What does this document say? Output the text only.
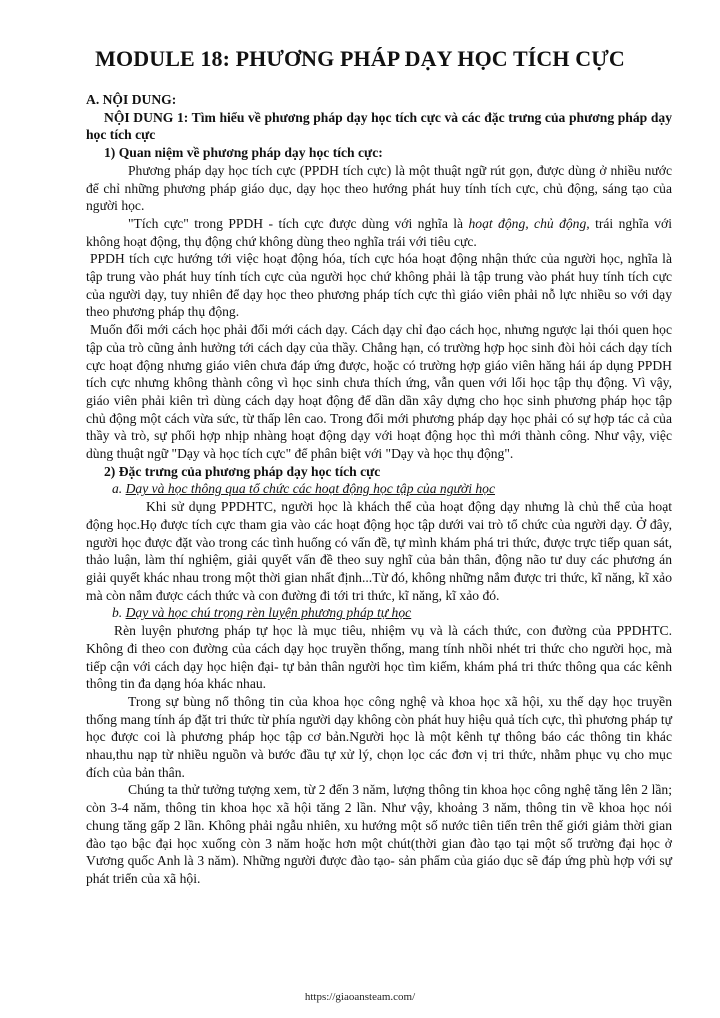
MODULE 18: PHƯƠNG PHÁP DẠY HỌC TÍCH CỰC

A. NỘI DUNG:

NỘI DUNG 1: Tìm hiểu về phương pháp dạy học tích cực và các đặc trưng của phương pháp dạy học tích cực

1) Quan niệm về phương pháp dạy học tích cực:

Phương pháp dạy học tích cực (PPDH tích cực) là một thuật ngữ rút gọn, được dùng ở nhiều nước để chỉ những phương pháp giáo dục, dạy học theo hướng phát huy tính tích cực, chủ động, sáng tạo của người học.

"Tích cực" trong PPDH - tích cực được dùng với nghĩa là hoạt động, chủ động, trái nghĩa với không hoạt động, thụ động chứ không dùng theo nghĩa trái với tiêu cực.

PPDH tích cực hướng tới việc hoạt động hóa, tích cực hóa hoạt động nhận thức của người học, nghĩa là tập trung vào phát huy tính tích cực của người học chứ không phải là tập trung vào phát huy tính tích cực của người dạy, tuy nhiên để dạy học theo phương pháp tích cực thì giáo viên phải nỗ lực nhiều so với dạy theo phương pháp thụ động.

Muốn đổi mới cách học phải đổi mới cách dạy. Cách dạy chỉ đạo cách học, nhưng ngược lại thói quen học tập của trò cũng ảnh hưởng tới cách dạy của thầy. Chẳng hạn, có trường hợp học sinh đòi hỏi cách dạy tích cực hoạt động nhưng giáo viên chưa đáp ứng được, hoặc có trường hợp giáo viên hăng hái áp dụng PPDH tích cực nhưng không thành công vì học sinh chưa thích ứng, vẫn quen với lối học tập thụ động. Vì vậy, giáo viên phải kiên trì dùng cách dạy hoạt động để dần dần xây dựng cho học sinh phương pháp học tập chủ động một cách vừa sức, từ thấp lên cao. Trong đổi mới phương pháp dạy học phải có sự hợp tác cả của thầy và trò, sự phối hợp nhịp nhàng hoạt động dạy với hoạt động học thì mới thành công. Như vậy, việc dùng thuật ngữ "Dạy và học tích cực" để phân biệt với "Dạy và học thụ động".

2) Đặc trưng của phương pháp dạy học tích cực

a. Dạy và học thông qua tổ chức các hoạt động học tập của người học

Khi sử dụng PPDHTC, người học là khách thể của hoạt động dạy nhưng là chủ thể của hoạt động học.Họ được tích cực tham gia vào các hoạt động học tập dưới vai trò tổ chức của người dạy. Ở đây, người học được đặt vào trong các tình huống có vấn đề, tự mình khám phá tri thức, được trực tiếp quan sát, thảo luận, làm thí nghiệm, giải quyết vấn đề theo suy nghĩ của bản thân, động não tư duy các phương án giải quyết khác nhau trong một thời gian nhất định...Từ đó, không những nắm được tri thức, kĩ năng, kĩ xảo mà còn nắm được cách thức và con đường đi tới tri thức, kĩ năng, kĩ xảo đó.

b. Dạy và học chú trọng rèn luyện phương pháp tự học

Rèn luyện phương pháp tự học là mục tiêu, nhiệm vụ và là cách thức, con đường của PPDHTC. Không đi theo con đường của cách dạy học truyền thống, mang tính nhồi nhét tri thức cho người học, mà tiếp cận với cách dạy học hiện đại- tự bản thân người học tìm kiếm, khám phá tri thức thông qua các kênh thông tin đa dạng hóa khác nhau.

Trong sự bùng nổ thông tin của khoa học công nghệ và khoa học xã hội, xu thế dạy học truyền thống mang tính áp đặt tri thức từ phía người dạy không còn phát huy hiệu quả tích cực, thì phương pháp tự học được coi là phương pháp học tập cơ bản.Người học là một kênh tự thông báo các thông tin khác nhau,thu nạp từ nhiều nguồn và bước đầu tự xử lý, chọn lọc các đơn vị tri thức, nhằm phục vụ cho mục đích của bản thân.

Chúng ta thử tưởng tượng xem, từ 2 đến 3 năm, lượng thông tin khoa học công nghệ tăng lên 2 lần; còn 3-4 năm, thông tin khoa học xã hội tăng 2 lần. Như vậy, khoảng 3 năm, thông tin về khoa học nói chung tăng gấp 2 lần. Không phải ngẫu nhiên, xu hướng một số nước tiên tiến trên thế giới giảm thời gian đào tạo bậc đại học xuống còn 3 năm hoặc hơn một chút(thời gian đào tạo tại một số trường đại học ở Vương quốc Anh là 3 năm). Những người được đào tạo- sản phẩm của giáo dục sẽ đáp ứng phù hợp với sự phát triển của xã hội.

https://giaoansteam.com/
